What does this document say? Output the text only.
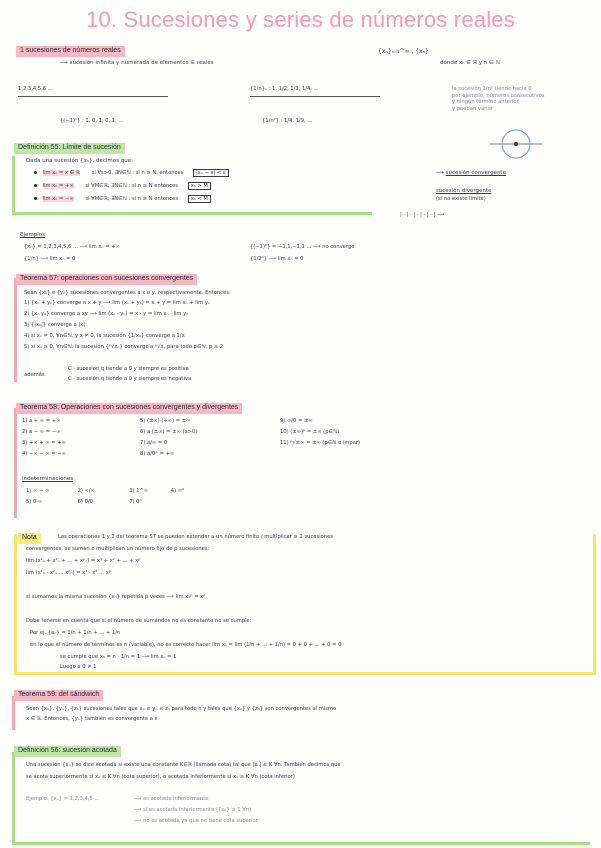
10. Sucesiones y series de números reales
1 sucesiones de números reales
⟶ sucesión infinita y numerada de elementos ∈ reales
{xₙ}ₙ₌₁^∞ , {xₙ}
donde xₙ ∈ ℝ y n ∈ ℕ
1,2,3,4,5,6 ...	{1/n}ₙ : 1, 1/2, 1/3, 1/4, ...
{(−1)ⁿ} : 1, 0, 1, 0, 1, ...	{1/n²} : 1/4, 1/9, ...
la sucesión 1/n² tiende hacia 0
por ejemplo, números consecutivos
y ningún término anterior
y pueden variar
Definición 55: Límite de sucesión
Dada una sucesión {xₙ}, decimos que:
lim xₙ = x ∈ ℝ si ∀ε>0, ∃N∈ℕ : si n ≥ N, entonces |xₙ − x| < ε
lim xₙ = +∞ si ∀M∈ℝ, ∃N∈ℕ : si n ≥ N entonces xₙ > M
lim xₙ = −∞ si ∀M∈ℝ, ∃N∈ℕ : si n ≥ N entonces xₙ < M
⟶ sucesión convergente
sucesión divergente
(si no existe límite)
| · | · | · | · | · | ⟶
Ejemplos
{xₙ} = 1,2,3,4,5,6 ... ⟶ lim xₙ = +∞	{(−1)ⁿ} = −1,1,−1,1 ... ⟶ no converge
{1/n} ⟶ lim xₙ = 0	{1/2ⁿ} ⟶ lim xₙ = 0
Teorema 57: operaciones con sucesiones convergentes
Sean {xₙ} e {yₙ} sucesiones convergentes a x e y, respectivamente. Entonces:
1) {xₙ + yₙ} converge a x + y ⟶ lim (xₙ + yₙ) = x + y = lim xₙ + lim yₙ
2) {xₙ yₙ} converge a xy ⟶ lim (xₙ · yₙ) = x · y = lim xₙ · lim yₙ
3) {|xₙ|} converge a |x|
4) si xₙ ≠ 0, ∀n∈ℕ, y x ≠ 0, la sucesión {1/xₙ} converge a 1/x
5) si xₙ ≥ 0, ∀n∈ℕ, la sucesión {ᵖ√xₙ} converge a ᵖ√x, para todo p∈ℕ, p ≥ 2
además
C · sucesión q tiende a 0 y siempre es positiva
C · sucesión q tiende a 0 y siempre es negativa
Teorema 58: Operaciones con sucesiones convergentes y divergentes
1) a + ∞ = +∞
2) a − ∞ = −∞
3) +∞ + ∞ = +∞
4) −∞ − ∞ = −∞
5) (±∞)·(+∞) = ±∞
6) a·(±∞) = ±∞ (a>0)
7) a/∞ = 0
8) a/0⁺ = +∞
9) ∞/0 = ±∞
10) (±∞)ᵖ = ±∞ (p∈ℕ)
11) ᵖ√±∞ = ±∞ (p∈ℕ e impar)
Indeterminaciones
1) ∞ − ∞	2) ∞/∞	3) 1^∞	4) ∞⁰
5) 0·∞	6) 0/0	7) 0⁰
Nota	Las operaciones 1 y 2 del teorema 57 se pueden extender a un número finito / multiplicar ≥ 2 sucesiones
convergentes, se suman o multiplican un número fijo de p sucesiones:
lim (x¹ₙ + x²ₙ + ... + xᵖₙ) = x¹ + x² + ... + xᵖ
lim (x¹ₙ · x²ₙ ... xᵖₙ) = x¹ · x² ... xᵖ
si sumamos la misma sucesión {xₙ} repetida p veces ⟶ lim xₙᵖ = xᵖ
Debe tenerse en cuenta que si el número de sumandos no es constante no se cumple:
Por ej. {aₙ} = 1/n + 1/n + ... + 1/n
en lo que el número de términos es n (variable), no es correcto hacer lim xₙ = lim (1/n + ... + 1/n) = 0 + 0 + ... + 0 = 0
se cumple que xₙ = n · 1/n = 1 ⟶ lim xₙ = 1
Luego a 0 ≠ 1
Teorema 59: del sándwich
Sean {xₙ}, {yₙ}, {zₙ} sucesiones tales que xₙ ≤ yₙ ≤ zₙ para todo n y tales que {xₙ} y {zₙ} son convergentes al mismo
x ∈ ℝ. Entonces, {yₙ} también es convergente a x
Definición 56: sucesión acotada
Una sucesión {xₙ} se dice acotada si existe una constante K∈ℝ (llamada cota) tal que |xₙ| ≤ K ∀n. También decimos que
se acota superiormente si xₙ ≤ K ∀n (cota superior), o acotada inferiormente si xₙ ≥ K ∀n (cota inferior)
Ejemplo: {xₙ} = 1,2,3,4,5 ...	⟶ es acotada inferiormente
⟶ si es acotada inferiormente ({xₙ} ≥ 1 ∀n)
⟶ no es acotada ya que no tiene cota superior
